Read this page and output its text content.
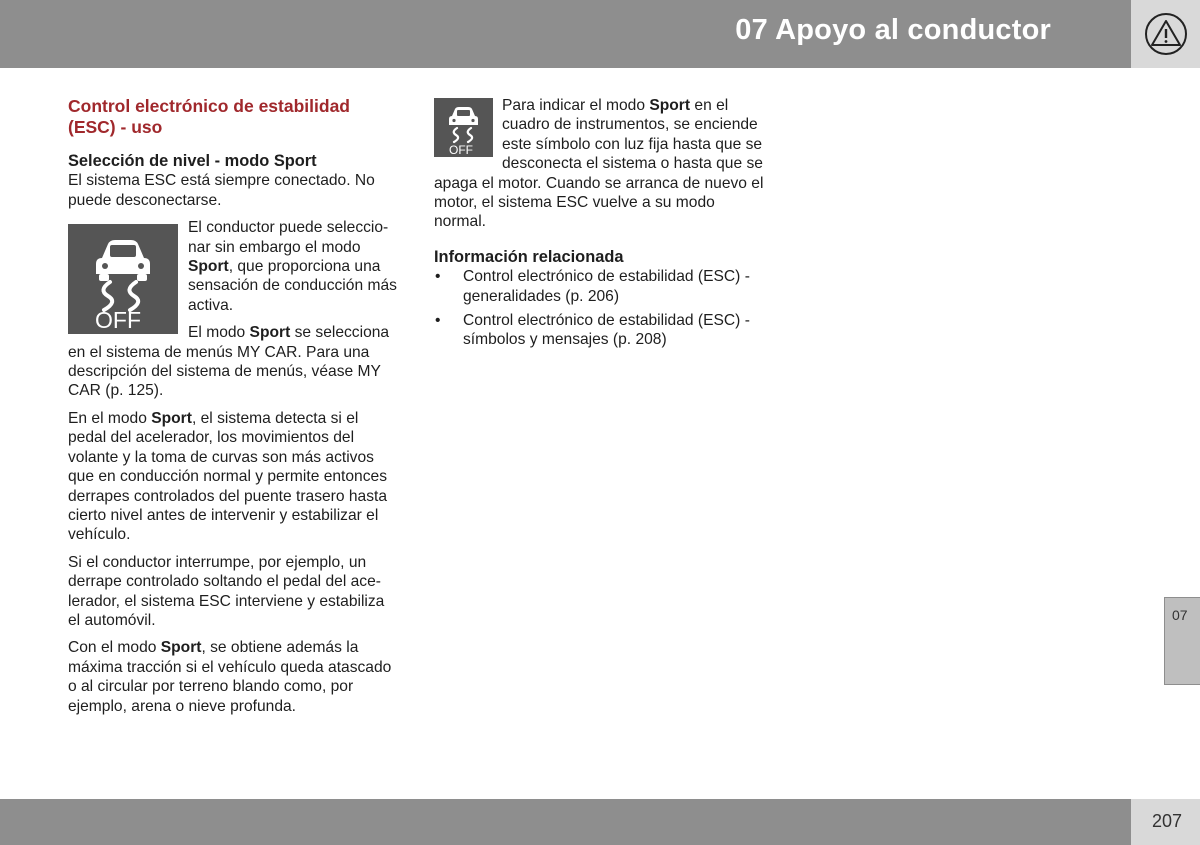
07 Apoyo al conductor
Control electrónico de estabilidad (ESC) - uso
Selección de nivel - modo Sport

El sistema ESC está siempre conectado. No puede desconectarse.

OFF

El conductor puede seleccionar sin embargo el modo Sport, que proporciona una sensación de conducción más activa.

El modo Sport se selecciona en el sistema de menús MY CAR. Para una descripción del sistema de menús, véase MY CAR (p. 125).

En el modo Sport, el sistema detecta si el pedal del acelerador, los movimientos del volante y la toma de curvas son más activos que en conducción normal y permite entonces derrapes controlados del puente trasero hasta cierto nivel antes de intervenir y estabilizar el vehículo.

Si el conductor interrumpe, por ejemplo, un derrape controlado soltando el pedal del acelerador, el sistema ESC interviene y estabiliza el automóvil.

Con el modo Sport, se obtiene además la máxima tracción si el vehículo queda atascado o al circular por terreno blando como, por ejemplo, arena o nieve profunda.

OFF

Para indicar el modo Sport en el cuadro de instrumentos, se enciende este símbolo con luz fija hasta que se desconecta el sistema o hasta que se apaga el motor. Cuando se arranca de nuevo el motor, el sistema ESC vuelve a su modo normal.

Información relacionada
• Control electrónico de estabilidad (ESC) - generalidades (p. 206)
• Control electrónico de estabilidad (ESC) - símbolos y mensajes (p. 208)
07
207
